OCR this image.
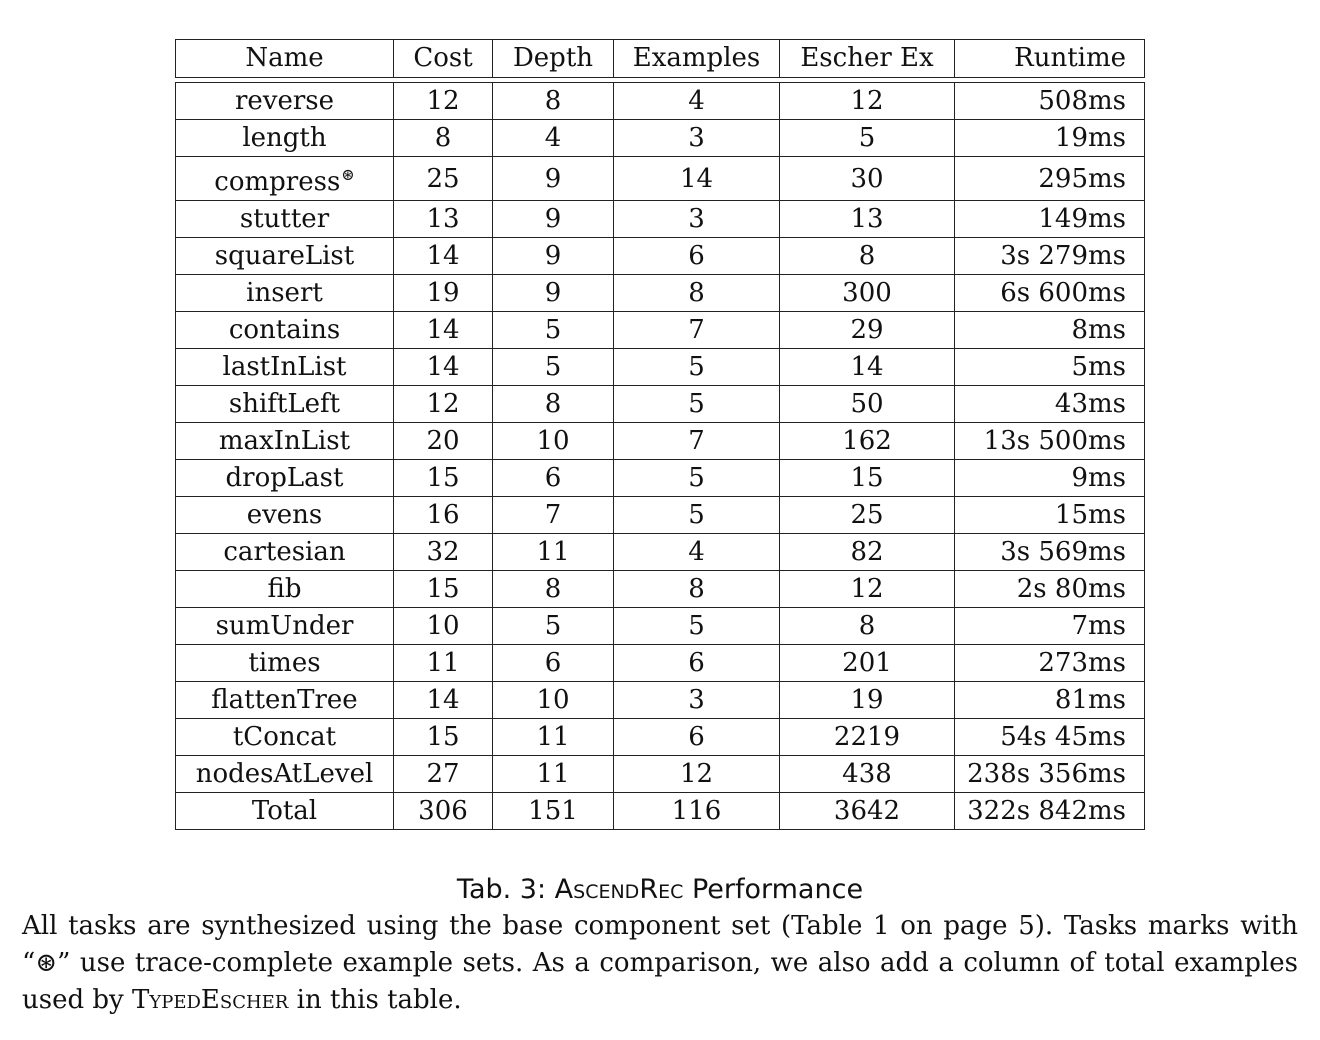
Name	Cost	Depth	Examples	Escher Ex	Runtime

reverse	12	8	4	12	508ms
length	8	4	3	5	19ms
compress⊛	25	9	14	30	295ms
stutter	13	9	3	13	149ms
squareList	14	9	6	8	3s 279ms
insert	19	9	8	300	6s 600ms
contains	14	5	7	29	8ms
lastInList	14	5	5	14	5ms
shiftLeft	12	8	5	50	43ms
maxInList	20	10	7	162	13s 500ms
dropLast	15	6	5	15	9ms
evens	16	7	5	25	15ms
cartesian	32	11	4	82	3s 569ms
fib	15	8	8	12	2s 80ms
sumUnder	10	5	5	8	7ms
times	11	6	6	201	273ms
flattenTree	14	10	3	19	81ms
tConcat	15	11	6	2219	54s 45ms
nodesAtLevel	27	11	12	438	238s 356ms
Total	306	151	116	3642	322s 842ms
Tab. 3: AscendRec Performance
All tasks are synthesized using the base component set (Table 1 on page 5). Tasks marks with “⊛” use trace-complete example sets. As a comparison, we also add a column of total examples used by TypedEscher in this table.
